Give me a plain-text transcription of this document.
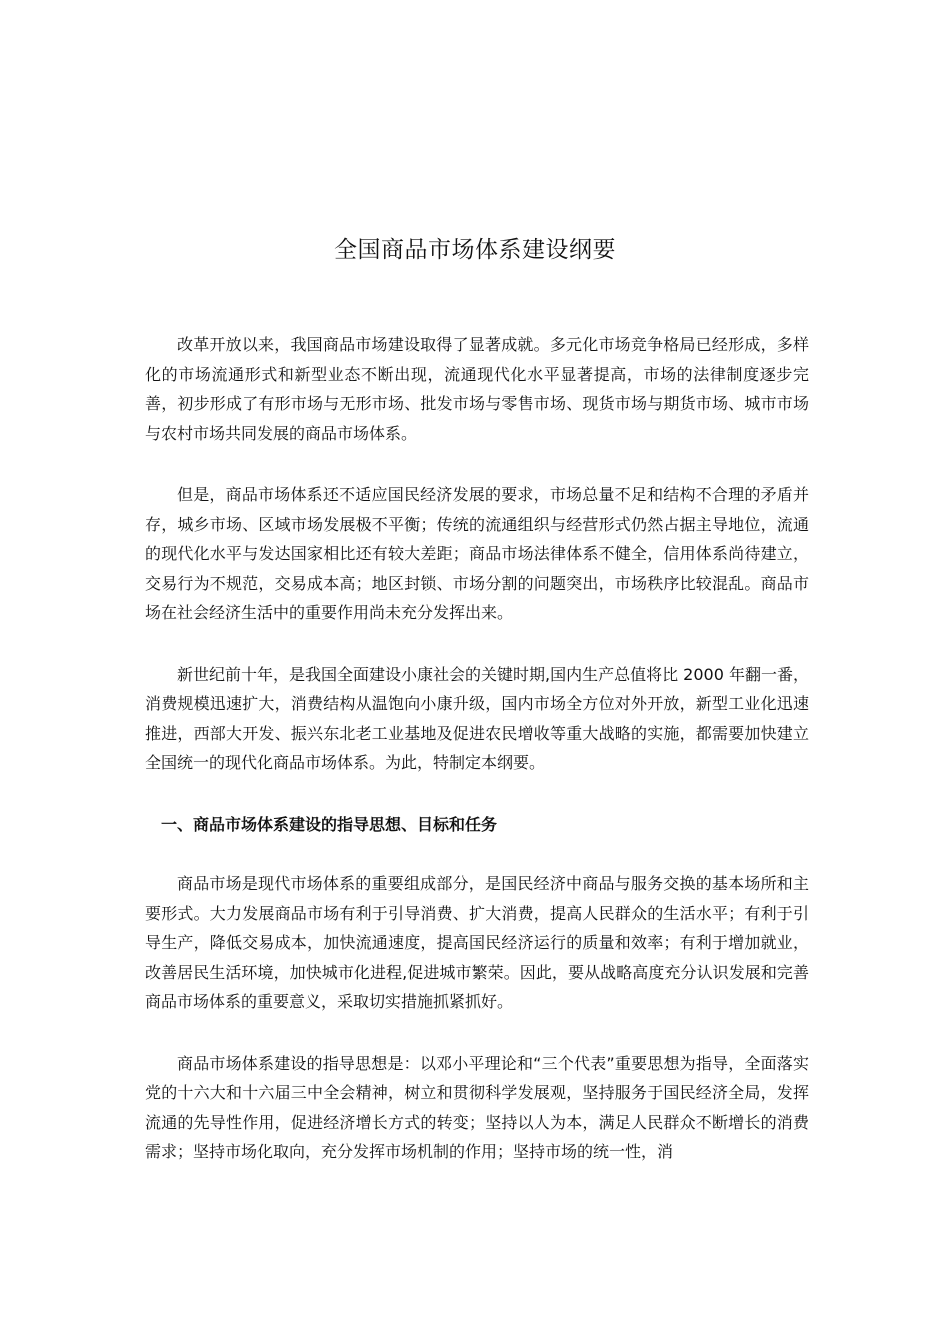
全国商品市场体系建设纲要

改革开放以来，我国商品市场建设取得了显著成就。多元化市场竞争格局已经形成，多样化的市场流通形式和新型业态不断出现，流通现代化水平显著提高，市场的法律制度逐步完善，初步形成了有形市场与无形市场、批发市场与零售市场、现货市场与期货市场、城市市场与农村市场共同发展的商品市场体系。

但是，商品市场体系还不适应国民经济发展的要求，市场总量不足和结构不合理的矛盾并存，城乡市场、区域市场发展极不平衡；传统的流通组织与经营形式仍然占据主导地位，流通的现代化水平与发达国家相比还有较大差距；商品市场法律体系不健全，信用体系尚待建立，交易行为不规范，交易成本高；地区封锁、市场分割的问题突出，市场秩序比较混乱。商品市场在社会经济生活中的重要作用尚未充分发挥出来。

新世纪前十年，是我国全面建设小康社会的关键时期,国内生产总值将比 2000 年翻一番，消费规模迅速扩大，消费结构从温饱向小康升级，国内市场全方位对外开放，新型工业化迅速推进，西部大开发、振兴东北老工业基地及促进农民增收等重大战略的实施，都需要加快建立全国统一的现代化商品市场体系。为此，特制定本纲要。

一、商品市场体系建设的指导思想、目标和任务

商品市场是现代市场体系的重要组成部分，是国民经济中商品与服务交换的基本场所和主要形式。大力发展商品市场有利于引导消费、扩大消费，提高人民群众的生活水平；有利于引导生产，降低交易成本，加快流通速度，提高国民经济运行的质量和效率；有利于增加就业，改善居民生活环境，加快城市化进程,促进城市繁荣。因此，要从战略高度充分认识发展和完善商品市场体系的重要意义，采取切实措施抓紧抓好。

商品市场体系建设的指导思想是：以邓小平理论和“三个代表”重要思想为指导，全面落实党的十六大和十六届三中全会精神，树立和贯彻科学发展观，坚持服务于国民经济全局，发挥流通的先导性作用，促进经济增长方式的转变；坚持以人为本，满足人民群众不断增长的消费需求；坚持市场化取向，充分发挥市场机制的作用；坚持市场的统一性，消
